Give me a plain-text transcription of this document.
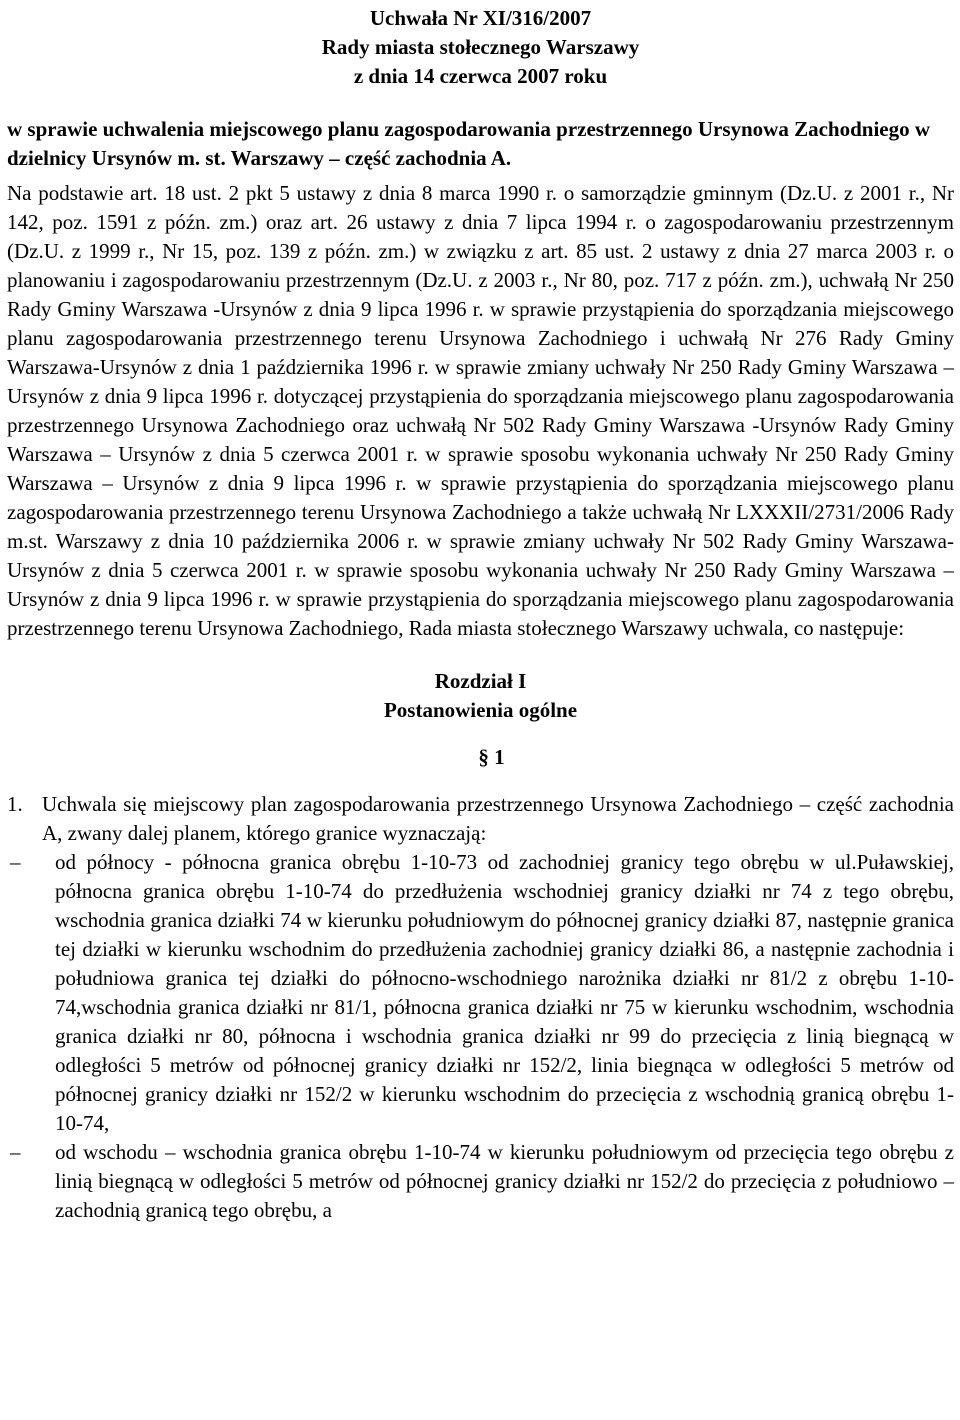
Uchwała Nr XI/316/2007
Rady miasta stołecznego Warszawy
z dnia 14 czerwca 2007 roku
w sprawie uchwalenia miejscowego planu zagospodarowania przestrzennego Ursynowa Zachodniego w dzielnicy Ursynów m. st. Warszawy – część zachodnia A.
Na podstawie art. 18 ust. 2 pkt 5 ustawy z dnia 8 marca 1990 r. o samorządzie gminnym (Dz.U. z 2001 r., Nr 142, poz. 1591 z późn. zm.) oraz art. 26 ustawy z dnia 7 lipca 1994 r. o zagospodarowaniu przestrzennym (Dz.U. z 1999 r., Nr 15, poz. 139 z późn. zm.) w związku z art. 85 ust. 2 ustawy z dnia 27 marca 2003 r. o planowaniu i zagospodarowaniu przestrzennym (Dz.U. z 2003 r., Nr 80, poz. 717 z późn. zm.), uchwałą Nr 250 Rady Gminy Warszawa -Ursynów z dnia 9 lipca 1996 r. w sprawie przystąpienia do sporządzania miejscowego planu zagospodarowania przestrzennego terenu Ursynowa Zachodniego i uchwałą Nr 276 Rady Gminy Warszawa-Ursynów z dnia 1 października 1996 r. w sprawie zmiany uchwały Nr 250 Rady Gminy Warszawa – Ursynów z dnia 9 lipca 1996 r. dotyczącej przystąpienia do sporządzania miejscowego planu zagospodarowania przestrzennego Ursynowa Zachodniego oraz uchwałą Nr 502 Rady Gminy Warszawa -Ursynów Rady Gminy Warszawa – Ursynów z dnia 5 czerwca 2001 r. w sprawie sposobu wykonania uchwały Nr 250 Rady Gminy Warszawa – Ursynów z dnia 9 lipca 1996 r. w sprawie przystąpienia do sporządzania miejscowego planu zagospodarowania przestrzennego terenu Ursynowa Zachodniego a także uchwałą Nr LXXXII/2731/2006 Rady m.st. Warszawy z dnia 10 października 2006 r. w sprawie zmiany uchwały Nr 502 Rady Gminy Warszawa-Ursynów z dnia 5 czerwca 2001 r. w sprawie sposobu wykonania uchwały Nr 250 Rady Gminy Warszawa – Ursynów z dnia 9 lipca 1996 r. w sprawie przystąpienia do sporządzania miejscowego planu zagospodarowania przestrzennego terenu Ursynowa Zachodniego, Rada miasta stołecznego Warszawy uchwala, co następuje:
Rozdział I
Postanowienia ogólne
§ 1
1. Uchwala się miejscowy plan zagospodarowania przestrzennego Ursynowa Zachodniego – część zachodnia A, zwany dalej planem, którego granice wyznaczają:
–	od północy - północna granica obrębu 1-10-73 od zachodniej granicy tego obrębu w ul.Puławskiej, północna granica obrębu 1-10-74 do przedłużenia wschodniej granicy działki nr 74 z tego obrębu, wschodnia granica działki 74 w kierunku południowym do północnej granicy działki 87, następnie granica tej działki w kierunku wschodnim do przedłużenia zachodniej granicy działki 86, a następnie zachodnia i południowa granica tej działki do północno-wschodniego narożnika działki nr 81/2 z obrębu 1-10-74,wschodnia granica działki nr 81/1, północna granica działki nr 75 w kierunku wschodnim, wschodnia granica działki nr 80, północna i wschodnia granica działki nr 99 do przecięcia z linią biegnącą w odległości 5 metrów od północnej granicy działki nr 152/2, linia biegnąca w odległości 5 metrów od północnej granicy działki nr 152/2 w kierunku wschodnim do przecięcia z wschodnią granicą obrębu 1-10-74,
–	od wschodu – wschodnia granica obrębu 1-10-74 w kierunku południowym od przecięcia tego obrębu z linią biegnącą w odległości 5 metrów od północnej granicy działki nr 152/2 do przecięcia z południowo – zachodnią granicą tego obrębu, a
